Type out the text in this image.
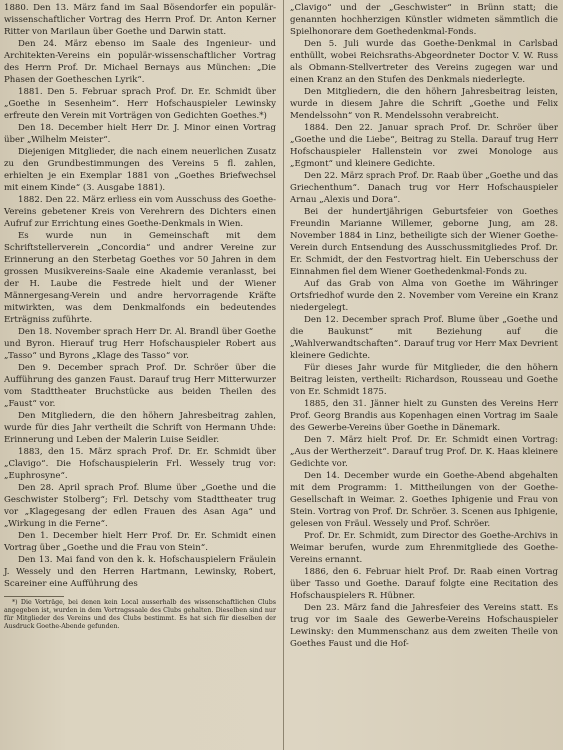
1880. Den 13. März fand im Saal Bösendorfer ein populär-wissenschaftlicher Vortrag des Herrn Prof. Dr. Anton Kerner Ritter von Marilaun über Goethe und Darwin statt.

Den 24. März ebenso im Saale des Ingenieur- und Architekten-Vereins ein populär-wissenschaftlicher Vortrag des Herrn Prof. Dr. Michael Bernays aus München: „Die Phasen der Goetheschen Lyrik“.

1881. Den 5. Februar sprach Prof. Dr. Er. Schmidt über „Goethe in Sesenheim“. Herr Hofschauspieler Lewinsky erfreute den Verein mit Vorträgen von Gedichten Goethes.*)

Den 18. December hielt Herr Dr. J. Minor einen Vortrag über „Wilhelm Meister“.

Diejenigen Mitglieder, die nach einem neuerlichen Zusatz zu den Grundbestimmungen des Vereins 5 fl. zahlen, erhielten je ein Exemplar 1881 von „Goethes Briefwechsel mit einem Kinde“ (3. Ausgabe 1881).

1882. Den 22. März erliess ein vom Ausschuss des Goethe-Vereins gebetener Kreis von Verehrern des Dichters einen Aufruf zur Errichtung eines Goethe-Denkmals in Wien.

Es wurde nun in Gemeinschaft mit dem Schriftstellerverein „Concordia“ und andrer Vereine zur Erinnerung an den Sterbetag Goethes vor 50 Jahren in dem grossen Musikvereins-Saale eine Akademie veranlasst, bei der H. Laube die Festrede hielt und der Wiener Männergesang-Verein und andre hervorragende Kräfte mitwirkten, was dem Denkmalfonds ein bedeutendes Erträgniss zuführte.

Den 18. November sprach Herr Dr. Al. Brandl über Goethe und Byron. Hierauf trug Herr Hofschauspieler Robert aus „Tasso“ und Byrons „Klage des Tasso“ vor.

Den 9. December sprach Prof. Dr. Schröer über die Aufführung des ganzen Faust. Darauf trug Herr Mitterwurzer vom Stadttheater Bruchstücke aus beiden Theilen des „Faust“ vor.

Den Mitgliedern, die den höhern Jahresbeitrag zahlen, wurde für dies Jahr vertheilt die Schrift von Hermann Uhde: Erinnerung und Leben der Malerin Luise Seidler.

1883, den 15. März sprach Prof. Dr. Er. Schmidt über „Clavigo“. Die Hofschauspielerin Frl. Wessely trug vor: „Euphrosyne“.

Den 28. April sprach Prof. Blume über „Goethe und die Geschwister Stolberg“; Frl. Detschy vom Stadttheater trug vor „Klagegesang der edlen Frauen des Asan Aga“ und „Wirkung in die Ferne“.

Den 1. December hielt Herr Prof. Dr. Er. Schmidt einen Vortrag über „Goethe und die Frau von Stein“.

Den 13. Mai fand von den k. k. Hofschauspielern Fräulein J. Wessely und den Herren Hartmann, Lewinsky, Robert, Scareiner eine Aufführung des

*) Die Vorträge, bei denen kein Local ausserhalb des wissenschaftlichen Clubs angegeben ist, wurden in dem Vortragssaale des Clubs gehalten. Dieselben sind nur für Mitglieder des Vereins und des Clubs bestimmt. Es hat sich für dieselben der Ausdruck Goethe-Abende gefunden.

„Clavigo“ und der „Geschwister“ in Brünn statt; die genannten hochherzigen Künstler widmeten sämmtlich die Spielhonorare dem Goethedenkmal-Fonds.

Den 5. Juli wurde das Goethe-Denkmal in Carlsbad enthüllt, wobei Reichsraths-Abgeordneter Doctor V. W. Russ als Obmann-Stellvertreter des Vereins zugegen war und einen Kranz an den Stufen des Denkmals niederlegte.

Den Mitgliedern, die den höhern Jahresbeitrag leisten, wurde in diesem Jahre die Schrift „Goethe und Felix Mendelssohn“ von R. Mendelssohn verabreicht.

1884. Den 22. Januar sprach Prof. Dr. Schröer über „Goethe und die Liebe“, Beitrag zu Stella. Darauf trug Herr Hofschauspieler Hallenstein vor zwei Monologe aus „Egmont“ und kleinere Gedichte.

Den 22. März sprach Prof. Dr. Raab über „Goethe und das Griechenthum“. Danach trug vor Herr Hofschauspieler Arnau „Alexis und Dora“.

Bei der hundertjährigen Geburtsfeier von Goethes Freundin Marianne Willemer, geborne Jung, am 28. November 1884 in Linz, betheiligte sich der Wiener Goethe-Verein durch Entsendung des Ausschussmitgliedes Prof. Dr. Er. Schmidt, der den Festvortrag hielt. Ein Ueberschuss der Einnahmen fiel dem Wiener Goethedenkmal-Fonds zu.

Auf das Grab von Alma von Goethe im Währinger Ortsfriedhof wurde den 2. November vom Vereine ein Kranz niedergelegt.

Den 12. December sprach Prof. Blume über „Goethe und die Baukunst“ mit Beziehung auf die „Wahlverwandtschaften“. Darauf trug vor Herr Max Devrient kleinere Gedichte.

Für dieses Jahr wurde für Mitglieder, die den höhern Beitrag leisten, vertheilt: Richardson, Rousseau und Goethe von Er. Schmidt 1875.

1885, den 31. Jänner hielt zu Gunsten des Vereins Herr Prof. Georg Brandis aus Kopenhagen einen Vortrag im Saale des Gewerbe-Vereins über Goethe in Dänemark.

Den 7. März hielt Prof. Dr. Er. Schmidt einen Vortrag: „Aus der Wertherzeit“. Darauf trug Prof. Dr. K. Haas kleinere Gedichte vor.

Den 14. December wurde ein Goethe-Abend abgehalten mit dem Programm: 1. Mittheilungen von der Goethe-Gesellschaft in Weimar. 2. Goethes Iphigenie und Frau von Stein. Vortrag von Prof. Dr. Schröer. 3. Scenen aus Iphigenie, gelesen von Fräul. Wessely und Prof. Schröer.

Prof. Dr. Er. Schmidt, zum Director des Goethe-Archivs in Weimar berufen, wurde zum Ehrenmitgliede des Goethe-Vereins ernannt.

1886, den 6. Februar hielt Prof. Dr. Raab einen Vortrag über Tasso und Goethe. Darauf folgte eine Recitation des Hofschauspielers R. Hübner.

Den 23. März fand die Jahresfeier des Vereins statt. Es trug vor im Saale des Gewerbe-Vereins Hofschauspieler Lewinsky: den Mummenschanz aus dem zweiten Theile von Goethes Faust und die Hof-
